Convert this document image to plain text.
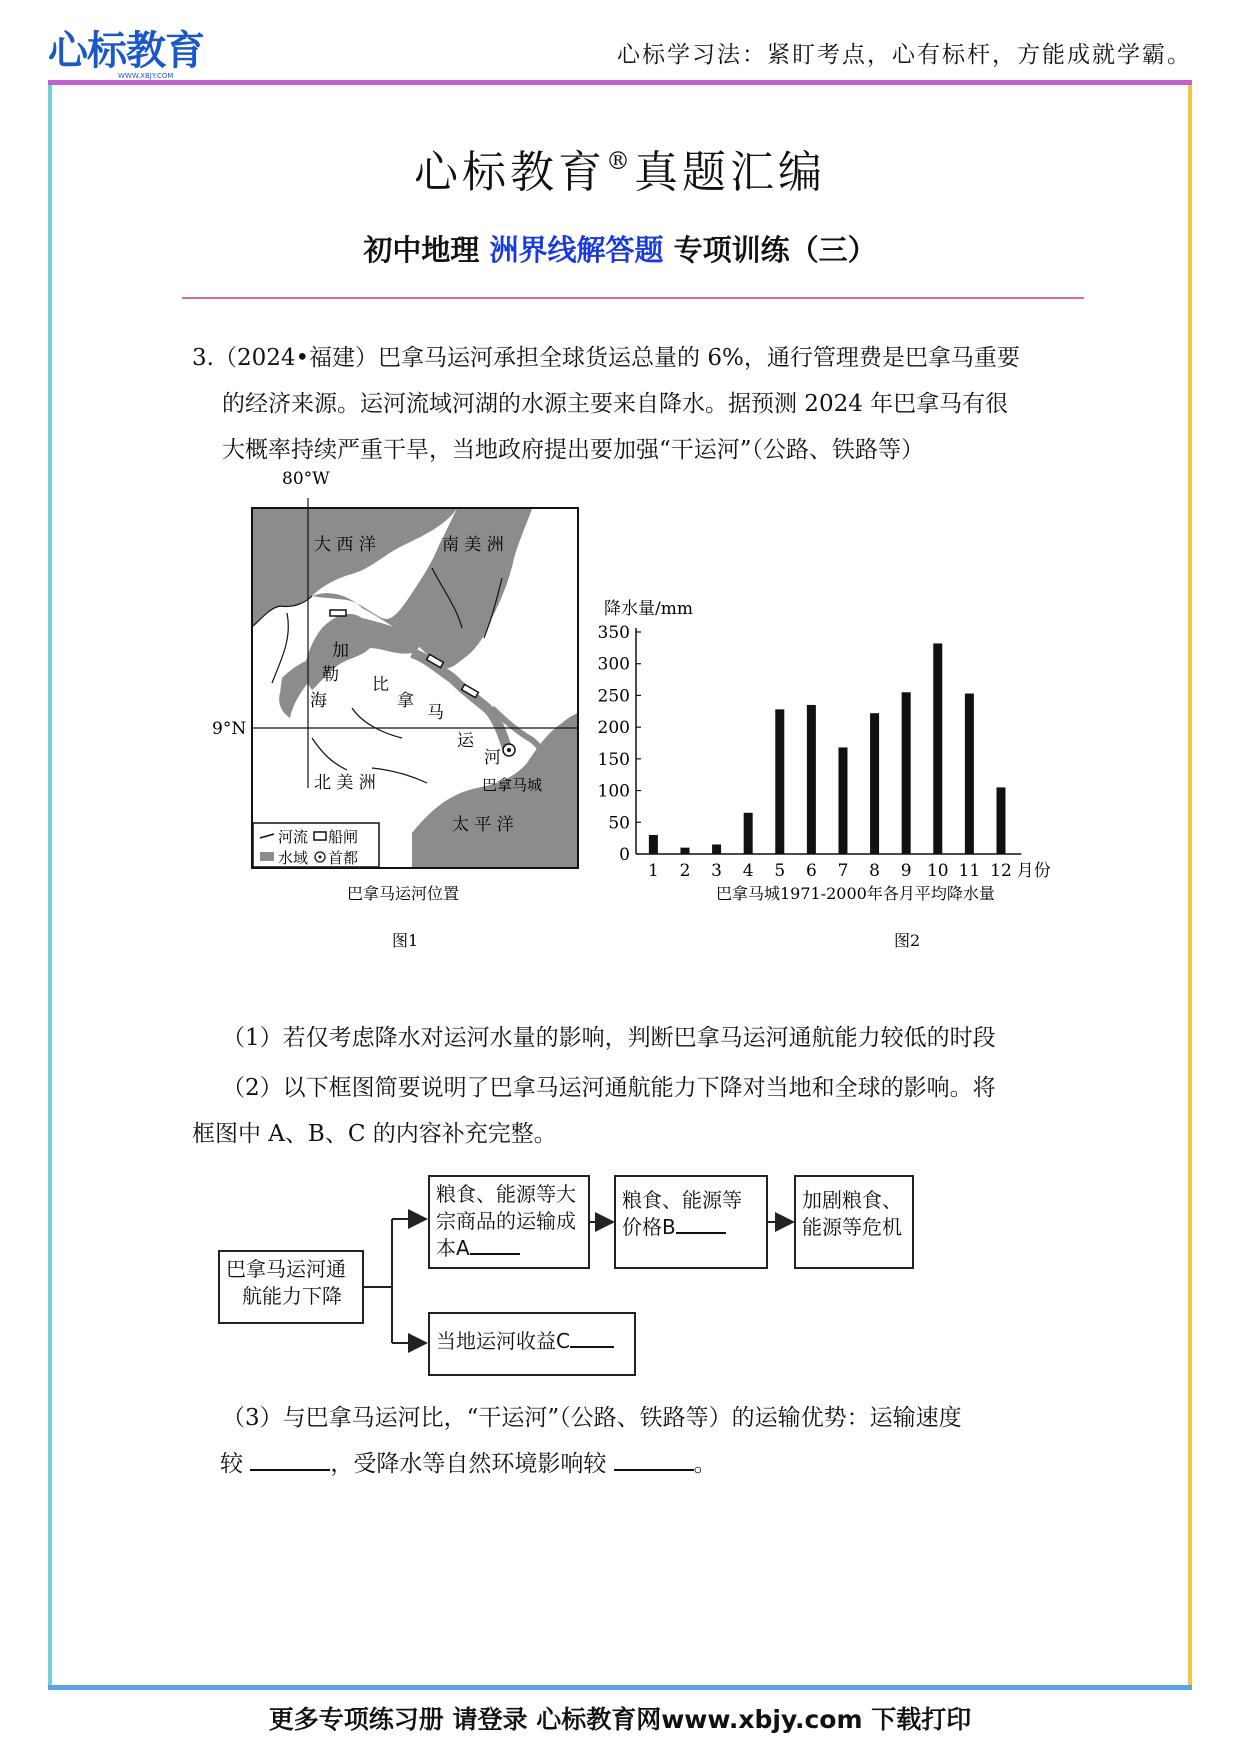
心标教育
WWW.XBJY.COM
心标学习法：紧盯考点，心有标杆，方能成就学霸。
心标教育®真题汇编
初中地理 洲界线解答题 专项训练（三）
3.（2024•福建）巴拿马运河承担全球货运总量的 6%，通行管理费是巴拿马重要
的经济来源。运河流域河湖的水源主要来自降水。据预测 2024 年巴拿马有很
大概率持续严重干旱，当地政府提出要加强“干运河”（公路、铁路等）
80°W
9°N
大 西 洋	南 美 洲
加
勒 比
海	拿
马
运
河
巴拿马城
北 美 洲
太 平 洋
河流 船闸
水域 首都
巴拿马运河位置
图1
降水量/mm
1 2 3 4 5 6 7 8 9 10 11 12
0
50
100
150
200
250
300
350
月份
巴拿马城1971-2000年各月平均降水量
图2
（1）若仅考虑降水对运河水量的影响，判断巴拿马运河通航能力较低的时段
（2）以下框图简要说明了巴拿马运河通航能力下降对当地和全球的影响。将
框图中 A、B、C 的内容补充完整。
巴拿马运河通
航能力下降
粮食、能源等大
宗商品的运输成
本A
粮食、能源等
价格B
加剧粮食、
能源等危机
当地运河收益C
（3）与巴拿马运河比，“干运河”（公路、铁路等）的运输优势：运输速度
较	，受降水等自然环境影响较	。
更多专项练习册 请登录 心标教育网www.xbjy.com 下载打印
